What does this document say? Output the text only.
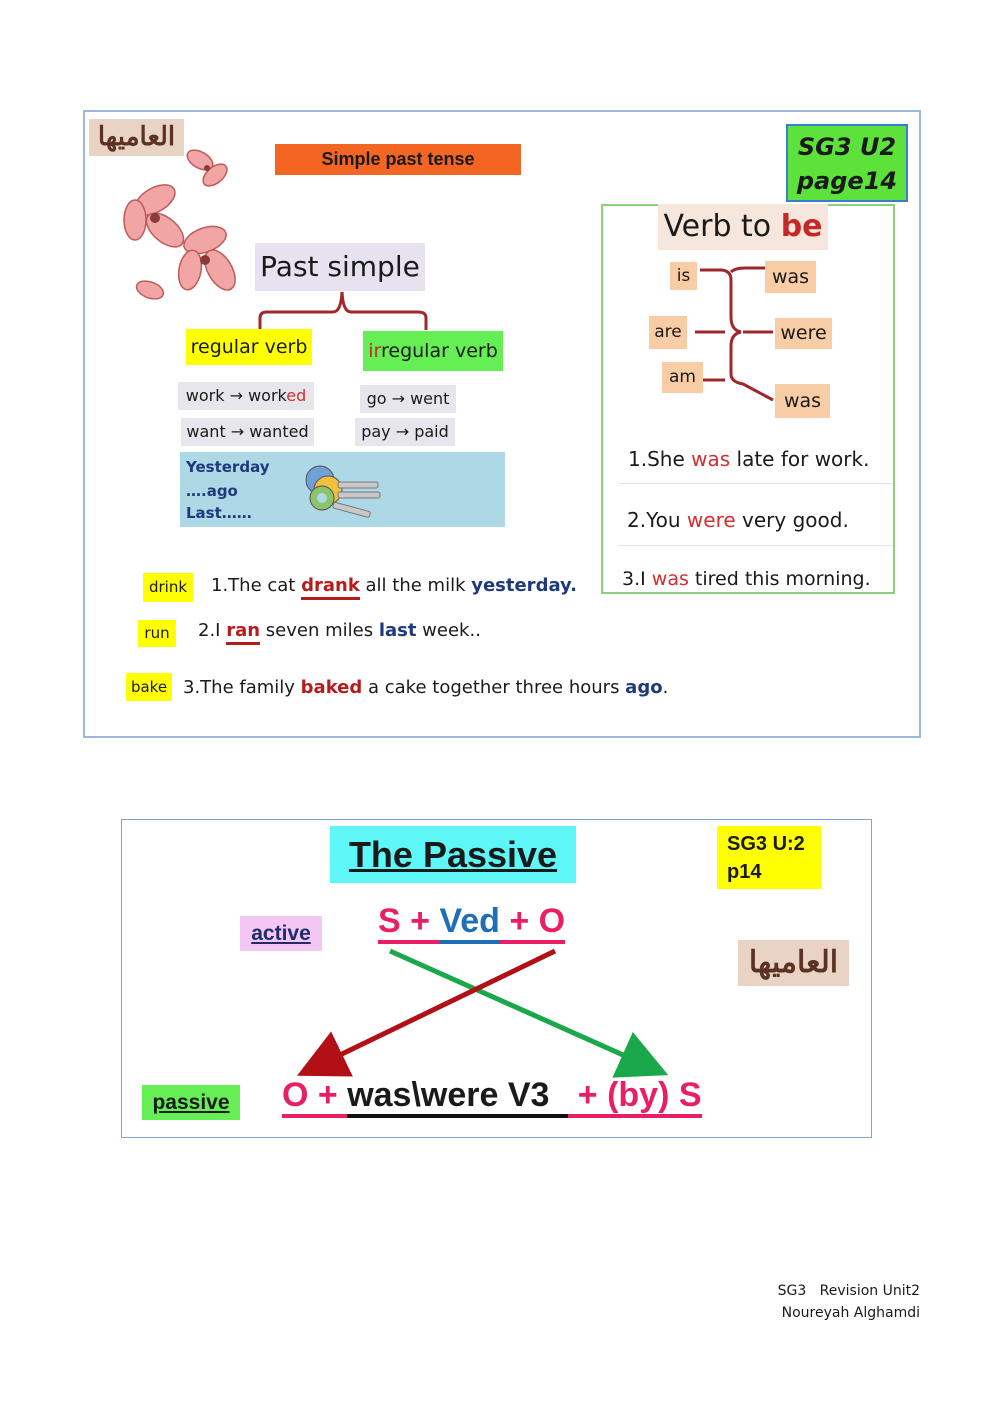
العاميها
Simple past tense	SG3 U2
page14
Past simple
regular verb	irregular verb
work → worked
want → wanted
go → went
pay → paid
Yesterday
….ago
Last……
Verb to be
is
are
am
was
were
was
1.She was late for work.
2.You were very good.
3.I was tired this morning.
drink
run
bake
1.The cat drank all the milk yesterday.
2.I ran seven miles last week..
3.The family baked a cake together three hours ago.
The Passive	SG3 U:2
p14
active	S + Ved + O
العاميها
passive	O + was\were V3   + (by) S
SG3   Revision Unit2
Noureyah Alghamdi
